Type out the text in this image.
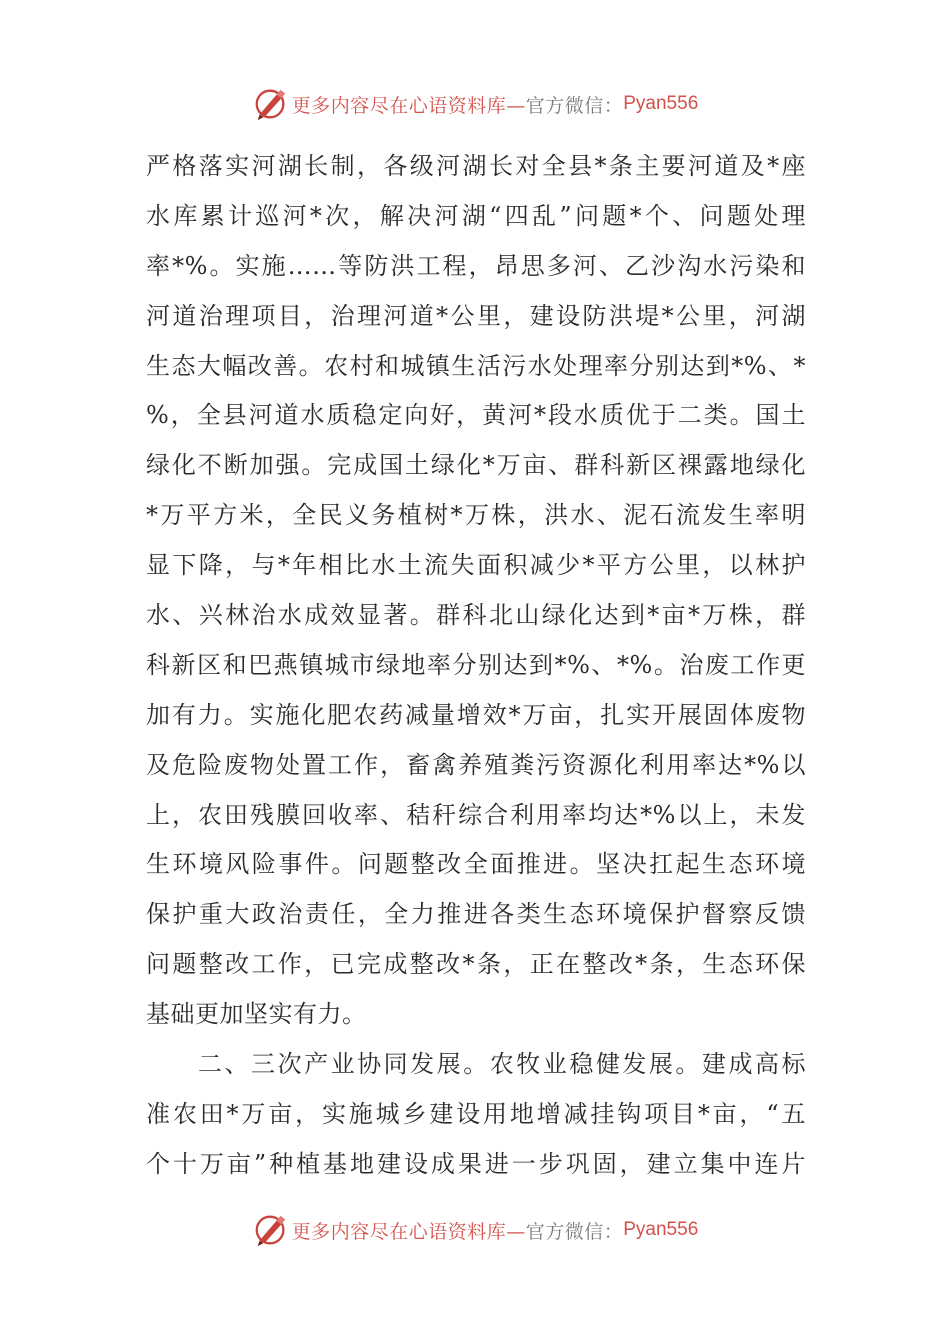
更多内容尽在心语资料库—官方微信： Pyan556
严格落实河湖长制，各级河湖长对全县*条主要河道及*座
水库累计巡河*次，解决河湖“四乱”问题*个、问题处理
率*%。实施……等防洪工程，昂思多河、乙沙沟水污染和
河道治理项目，治理河道*公里，建设防洪堤*公里，河湖
生态大幅改善。农村和城镇生活污水处理率分别达到*%、*
%，全县河道水质稳定向好，黄河*段水质优于二类。国土
绿化不断加强。完成国土绿化*万亩、群科新区裸露地绿化
*万平方米，全民义务植树*万株，洪水、泥石流发生率明
显下降，与*年相比水土流失面积减少*平方公里，以林护
水、兴林治水成效显著。群科北山绿化达到*亩*万株，群
科新区和巴燕镇城市绿地率分别达到*%、*%。治废工作更
加有力。实施化肥农药减量增效*万亩，扎实开展固体废物
及危险废物处置工作，畜禽养殖粪污资源化利用率达*%以
上，农田残膜回收率、秸秆综合利用率均达*%以上，未发
生环境风险事件。问题整改全面推进。坚决扛起生态环境
保护重大政治责任，全力推进各类生态环境保护督察反馈
问题整改工作，已完成整改*条，正在整改*条，生态环保
基础更加坚实有力。
二、三次产业协同发展。农牧业稳健发展。建成高标
准农田*万亩，实施城乡建设用地增减挂钩项目*亩，“五
个十万亩”种植基地建设成果进一步巩固，建立集中连片
更多内容尽在心语资料库—官方微信： Pyan556
